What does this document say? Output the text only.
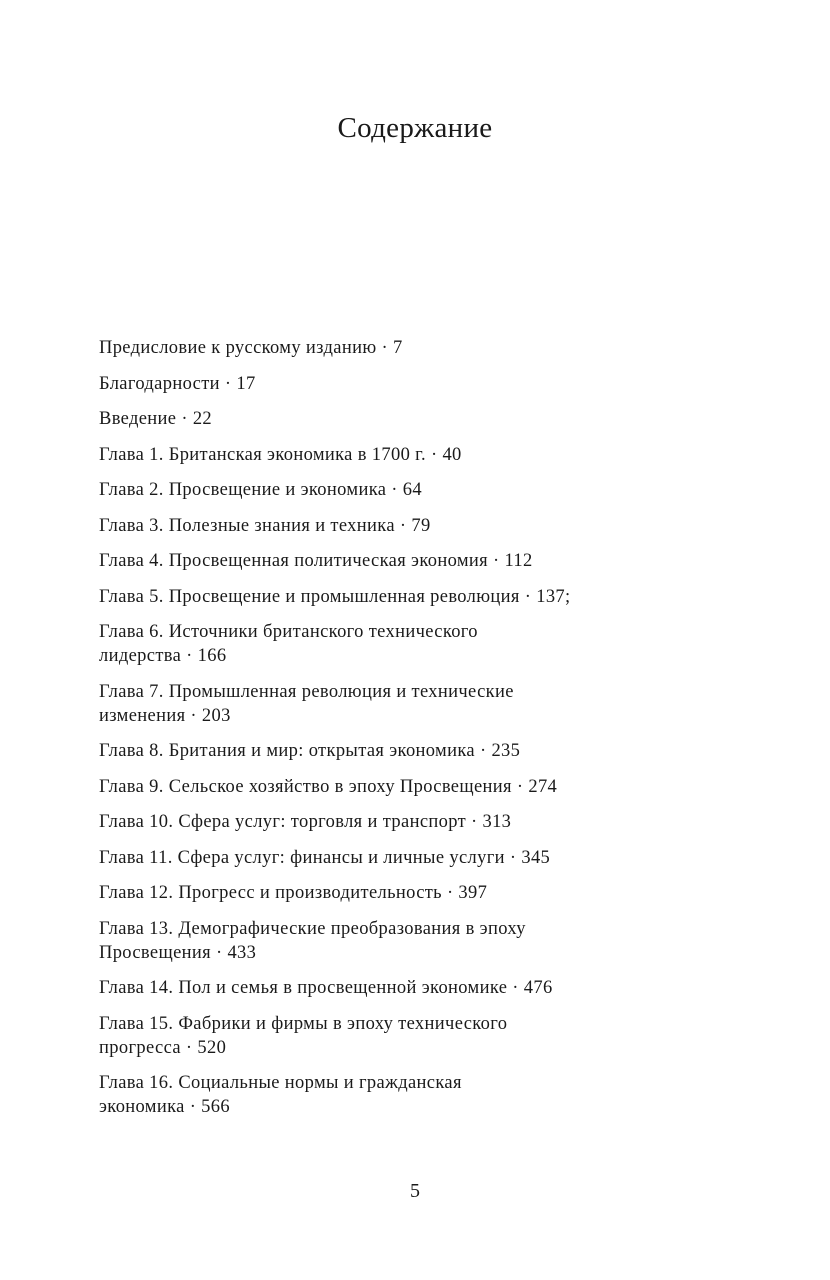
Содержание
Предисловие к русскому изданию · 7
Благодарности · 17
Введение · 22
Глава 1. Британская экономика в 1700 г. · 40
Глава 2. Просвещение и экономика · 64
Глава 3. Полезные знания и техника · 79
Глава 4. Просвещенная политическая экономия · 112
Глава 5. Просвещение и промышленная революция · 137;
Глава 6. Источники британского технического лидерства · 166
Глава 7. Промышленная революция и технические изменения · 203
Глава 8. Британия и мир: открытая экономика · 235
Глава 9. Сельское хозяйство в эпоху Просвещения · 274
Глава 10. Сфера услуг: торговля и транспорт · 313
Глава 11. Сфера услуг: финансы и личные услуги · 345
Глава 12. Прогресс и производительность · 397
Глава 13. Демографические преобразования в эпоху Просвещения · 433
Глава 14. Пол и семья в просвещенной экономике · 476
Глава 15. Фабрики и фирмы в эпоху технического прогресса · 520
Глава 16. Социальные нормы и гражданская экономика · 566
5
